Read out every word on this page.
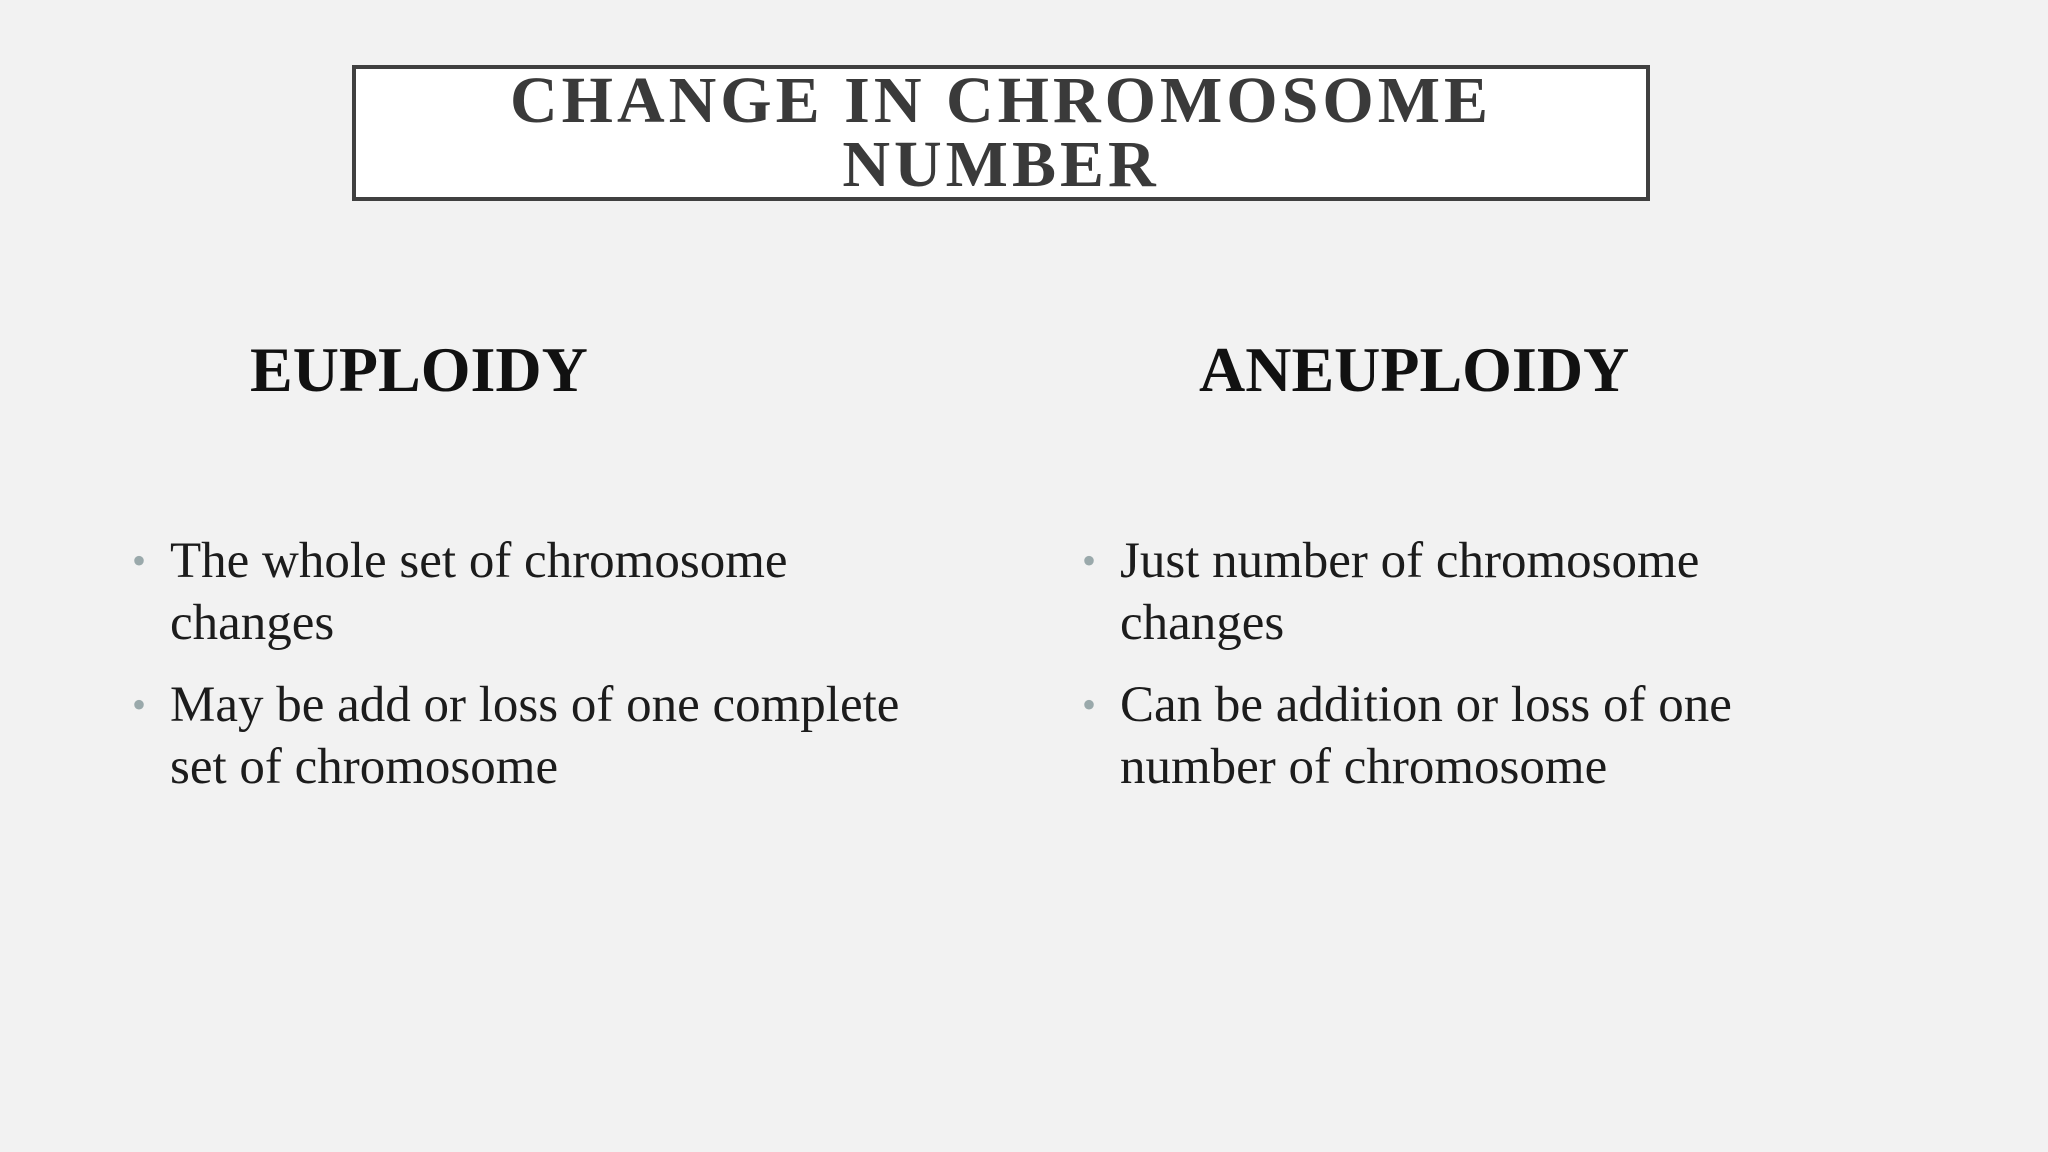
CHANGE IN CHROMOSOME NUMBER
EUPLOIDY	ANEUPLOIDY
• The whole set of chromosome changes
• May be add or loss of one complete set of chromosome
• Just number of chromosome changes
• Can be addition or loss of one number of chromosome
